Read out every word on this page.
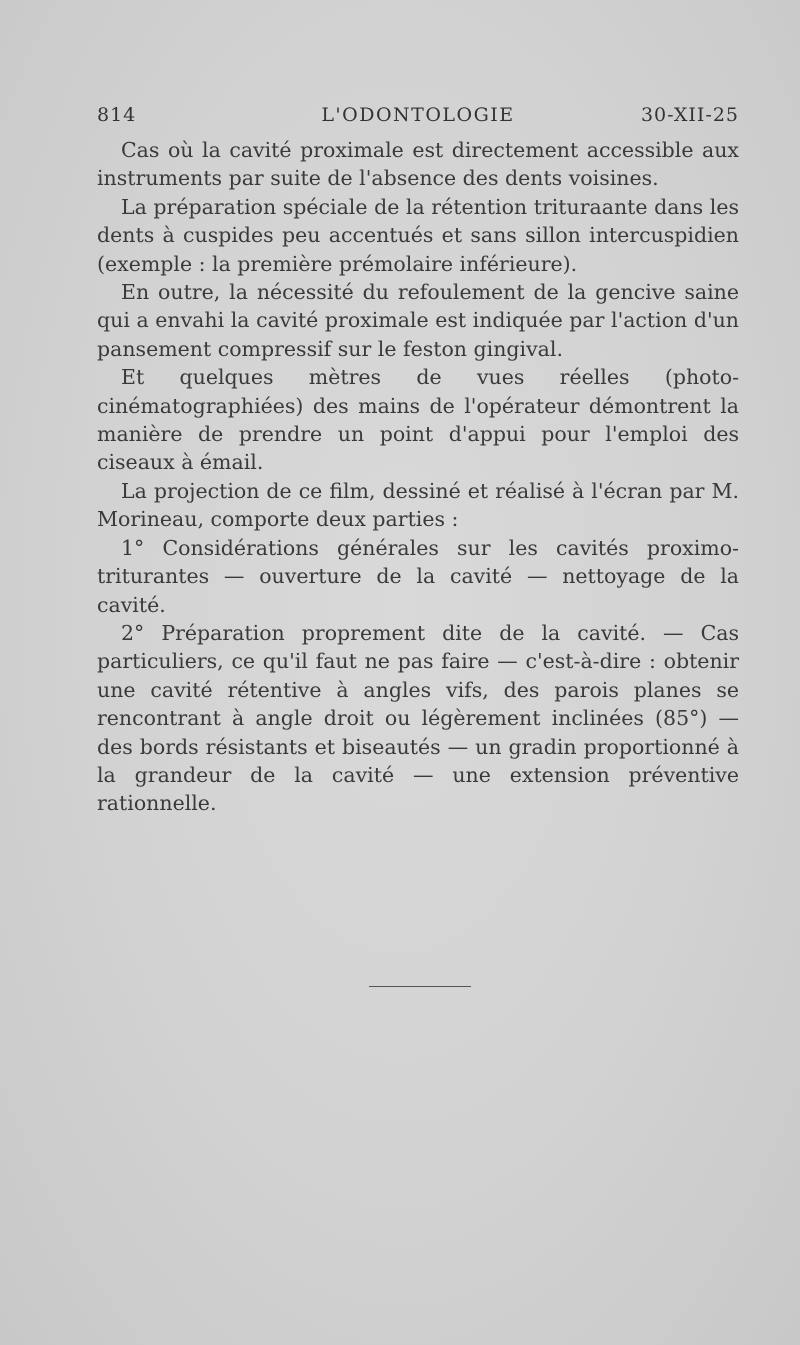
814	L'ODONTOLOGIE	30-XII-25

Cas où la cavité proximale est directement accessible aux instruments par suite de l'absence des dents voisines.

La préparation spéciale de la rétention trituraante dans les dents à cuspides peu accentués et sans sillon intercuspidien (exemple : la première prémolaire inférieure).

En outre, la nécessité du refoulement de la gencive saine qui a envahi la cavité proximale est indiquée par l'action d'un pansement compressif sur le feston gingival.

Et quelques mètres de vues réelles (photo-cinématographiées) des mains de l'opérateur démontrent la manière de prendre un point d'appui pour l'emploi des ciseaux à émail.

La projection de ce film, dessiné et réalisé à l'écran par M. Morineau, comporte deux parties :

1° Considérations générales sur les cavités proximo-triturantes — ouverture de la cavité — nettoyage de la cavité.

2° Préparation proprement dite de la cavité. — Cas particuliers, ce qu'il faut ne pas faire — c'est-à-dire : obtenir une cavité rétentive à angles vifs, des parois planes se rencontrant à angle droit ou légèrement inclinées (85°) — des bords résistants et biseautés — un gradin proportionné à la grandeur de la cavité — une extension préventive rationnelle.
